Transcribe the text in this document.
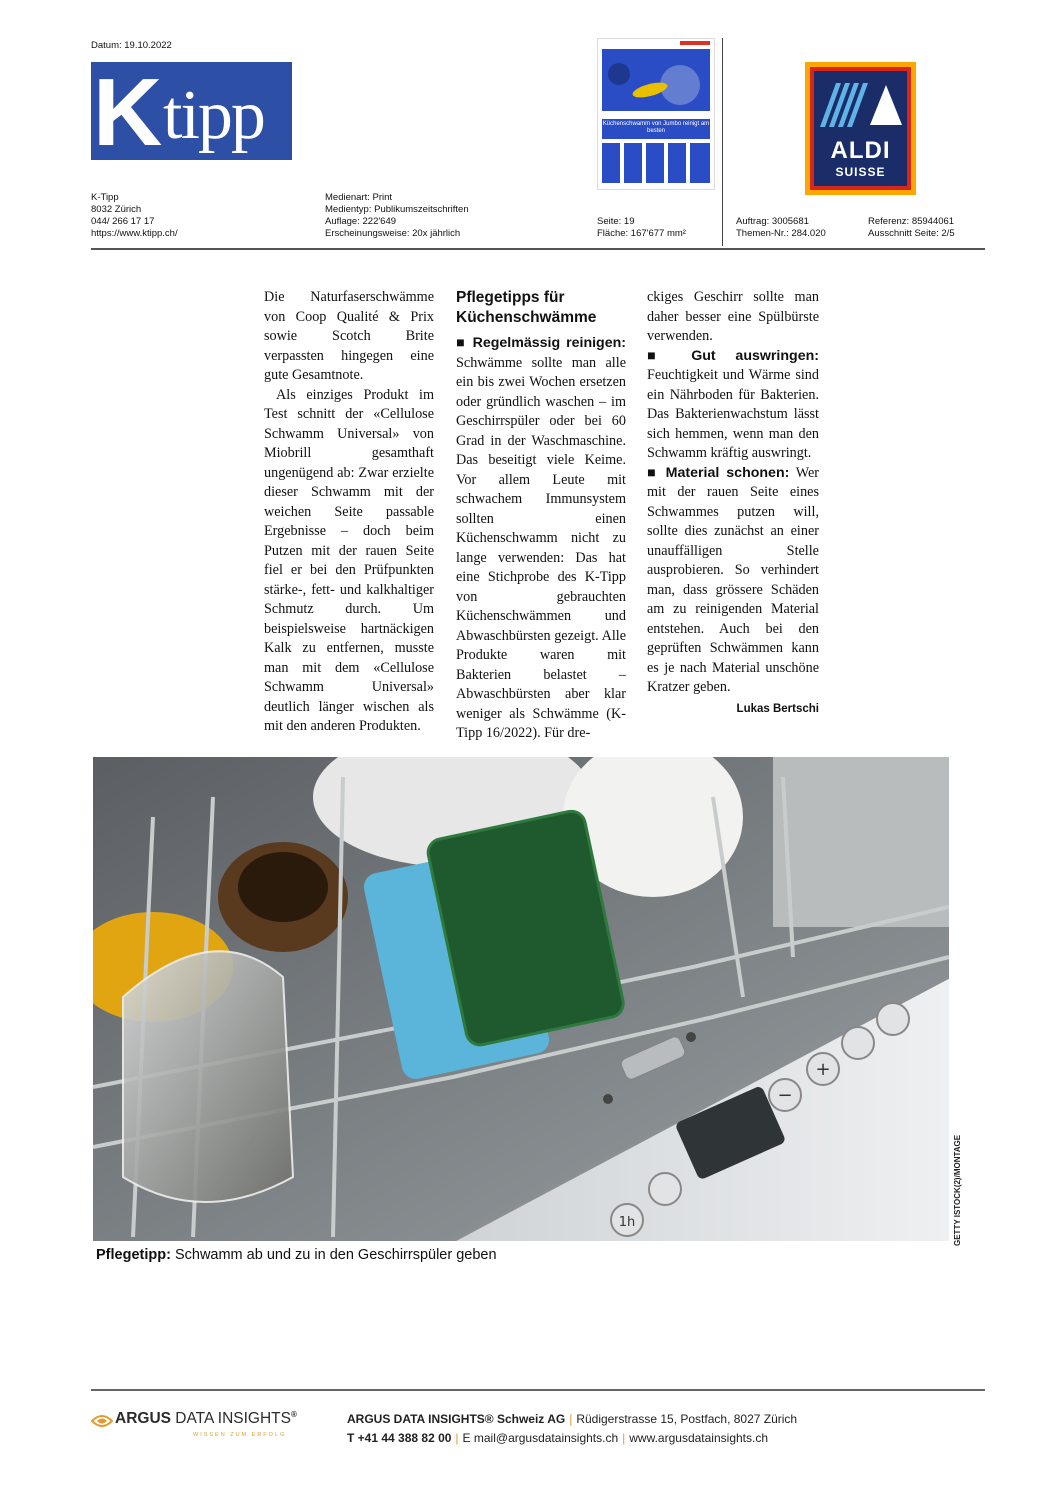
Datum: 19.10.2022
K tipp	Küchenschwamm von Jumbo reinigt am besten
ALDI
SUISSE
K-Tipp
8032 Zürich
044/ 266 17 17
https://www.ktipp.ch/
Medienart: Print
Medientyp: Publikumszeitschriften
Auflage: 222'649
Erscheinungsweise: 20x jährlich
Seite: 19
Fläche: 167'677 mm²
Auftrag: 3005681
Themen-Nr.: 284.020
Referenz: 85944061
Ausschnitt Seite: 2/5

Die Naturfaserschwämme von Coop Qualité & Prix sowie Scotch Brite verpassten hingegen eine gute Gesamtnote.

Als einziges Produkt im Test schnitt der «Cellulose Schwamm Universal» von Miobrill gesamthaft ungenügend ab: Zwar erzielte dieser Schwamm mit der weichen Seite passable Ergebnisse – doch beim Putzen mit der rauen Seite fiel er bei den Prüfpunkten stärke-, fett- und kalkhaltiger Schmutz durch. Um beispielsweise hartnäckigen Kalk zu entfernen, musste man mit dem «Cellulose Schwamm Universal» deutlich länger wischen als mit den anderen Produkten.

Pflegetipps für Küchenschwämme

■ Regelmässig reinigen: Schwämme sollte man alle ein bis zwei Wochen ersetzen oder gründlich waschen – im Geschirrspüler oder bei 60 Grad in der Waschmaschine. Das beseitigt viele Keime. Vor allem Leute mit schwachem Immunsystem sollten einen Küchenschwamm nicht zu lange verwenden: Das hat eine Stichprobe des K-Tipp von gebrauchten Küchenschwämmen und Abwaschbürsten gezeigt. Alle Produkte waren mit Bakterien belastet – Abwaschbürsten aber klar weniger als Schwämme (K-Tipp 16/2022). Für dre-

ckiges Geschirr sollte man daher besser eine Spülbürste verwenden.

■ Gut auswringen: Feuchtigkeit und Wärme sind ein Nährboden für Bakterien. Das Bakterienwachstum lässt sich hemmen, wenn man den Schwamm kräftig auswringt.

■ Material schonen: Wer mit der rauen Seite eines Schwammes putzen will, sollte dies zunächst an einer unauffälligen Stelle ausprobieren. So verhindert man, dass grössere Schäden am zu reinigenden Material entstehen. Auch bei den geprüften Schwämmen kann es je nach Material unschöne Kratzer geben.

Lukas Bertschi

−
+
1h	GETTY ISTOCK(2)/MONTAGE
Pflegetipp: Schwamm ab und zu in den Geschirrspüler geben
ARGUS DATA INSIGHTS®
WISSEN ZUM ERFOLG
ARGUS DATA INSIGHTS® Schweiz AG | Rüdigerstrasse 15, Postfach, 8027 Zürich
T +41 44 388 82 00 | E mail@argusdatainsights.ch | www.argusdatainsights.ch
